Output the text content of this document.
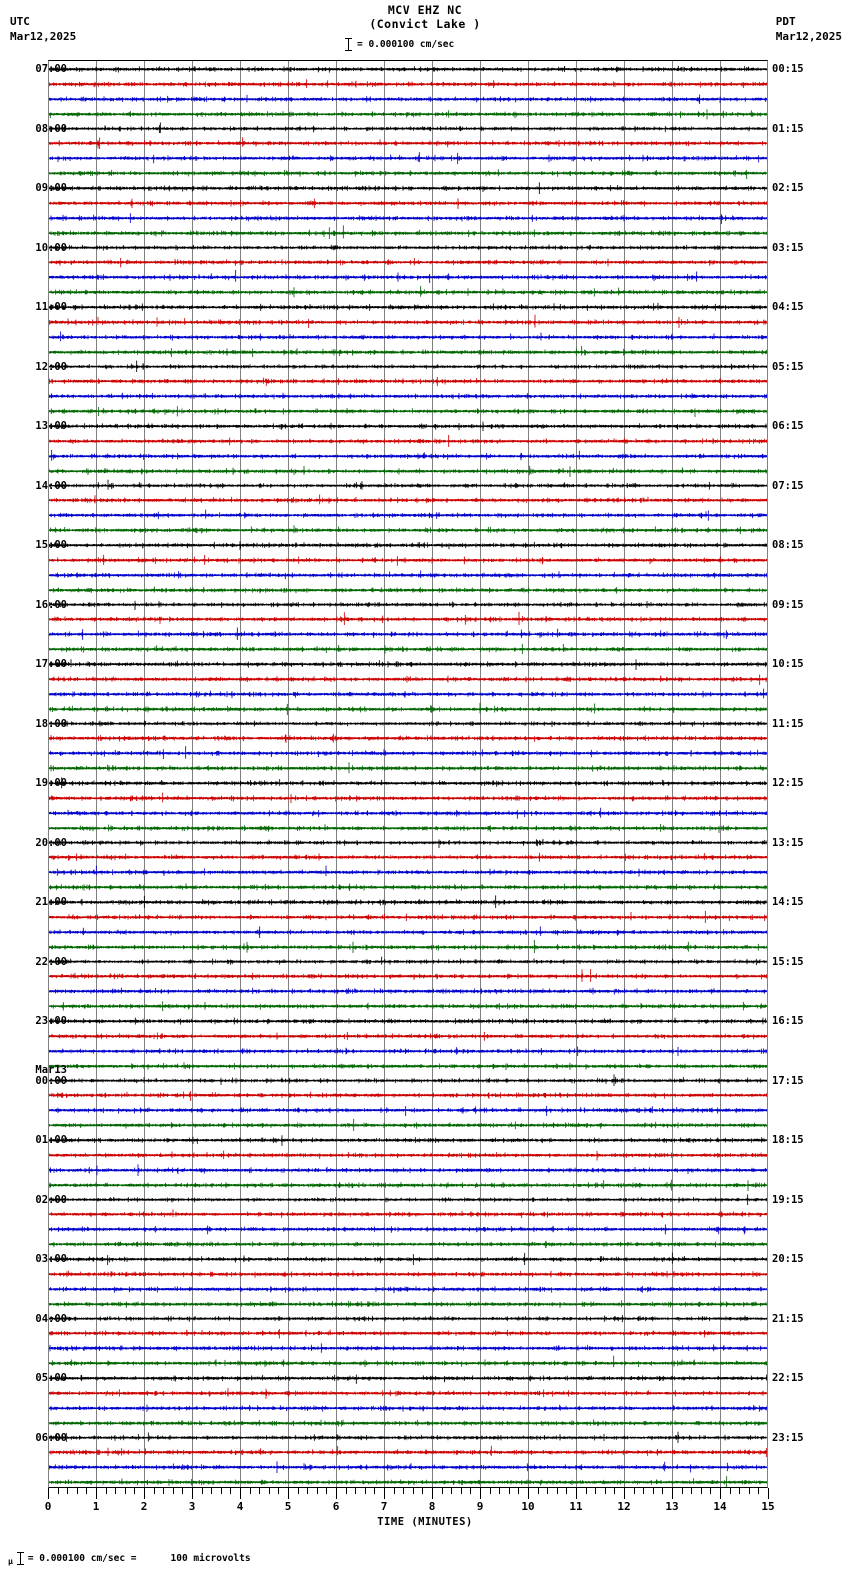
UTC
Mar12,2025
MCV EHZ NC
(Convict Lake )
= 0.000100 cm/sec
PDT
Mar12,2025
07:00
08:00
09:00
10:00
11:00
12:00
13:00
14:00
15:00
16:00
17:00
18:00
19:00
20:00
21:00
22:00
23:00
Mar13
00:00
01:00
02:00
03:00
04:00
05:00
06:00
00:15
01:15
02:15
03:15
04:15
05:15
06:15
07:15
08:15
09:15
10:15
11:15
12:15
13:15
14:15
15:15
16:15
17:15
18:15
19:15
20:15
21:15
22:15
23:15
0	1	2	3	4	5	6	7	8	9	10	11	12	13	14	15
TIME (MINUTES)
μ = 0.000100 cm/sec =	100 microvolts
